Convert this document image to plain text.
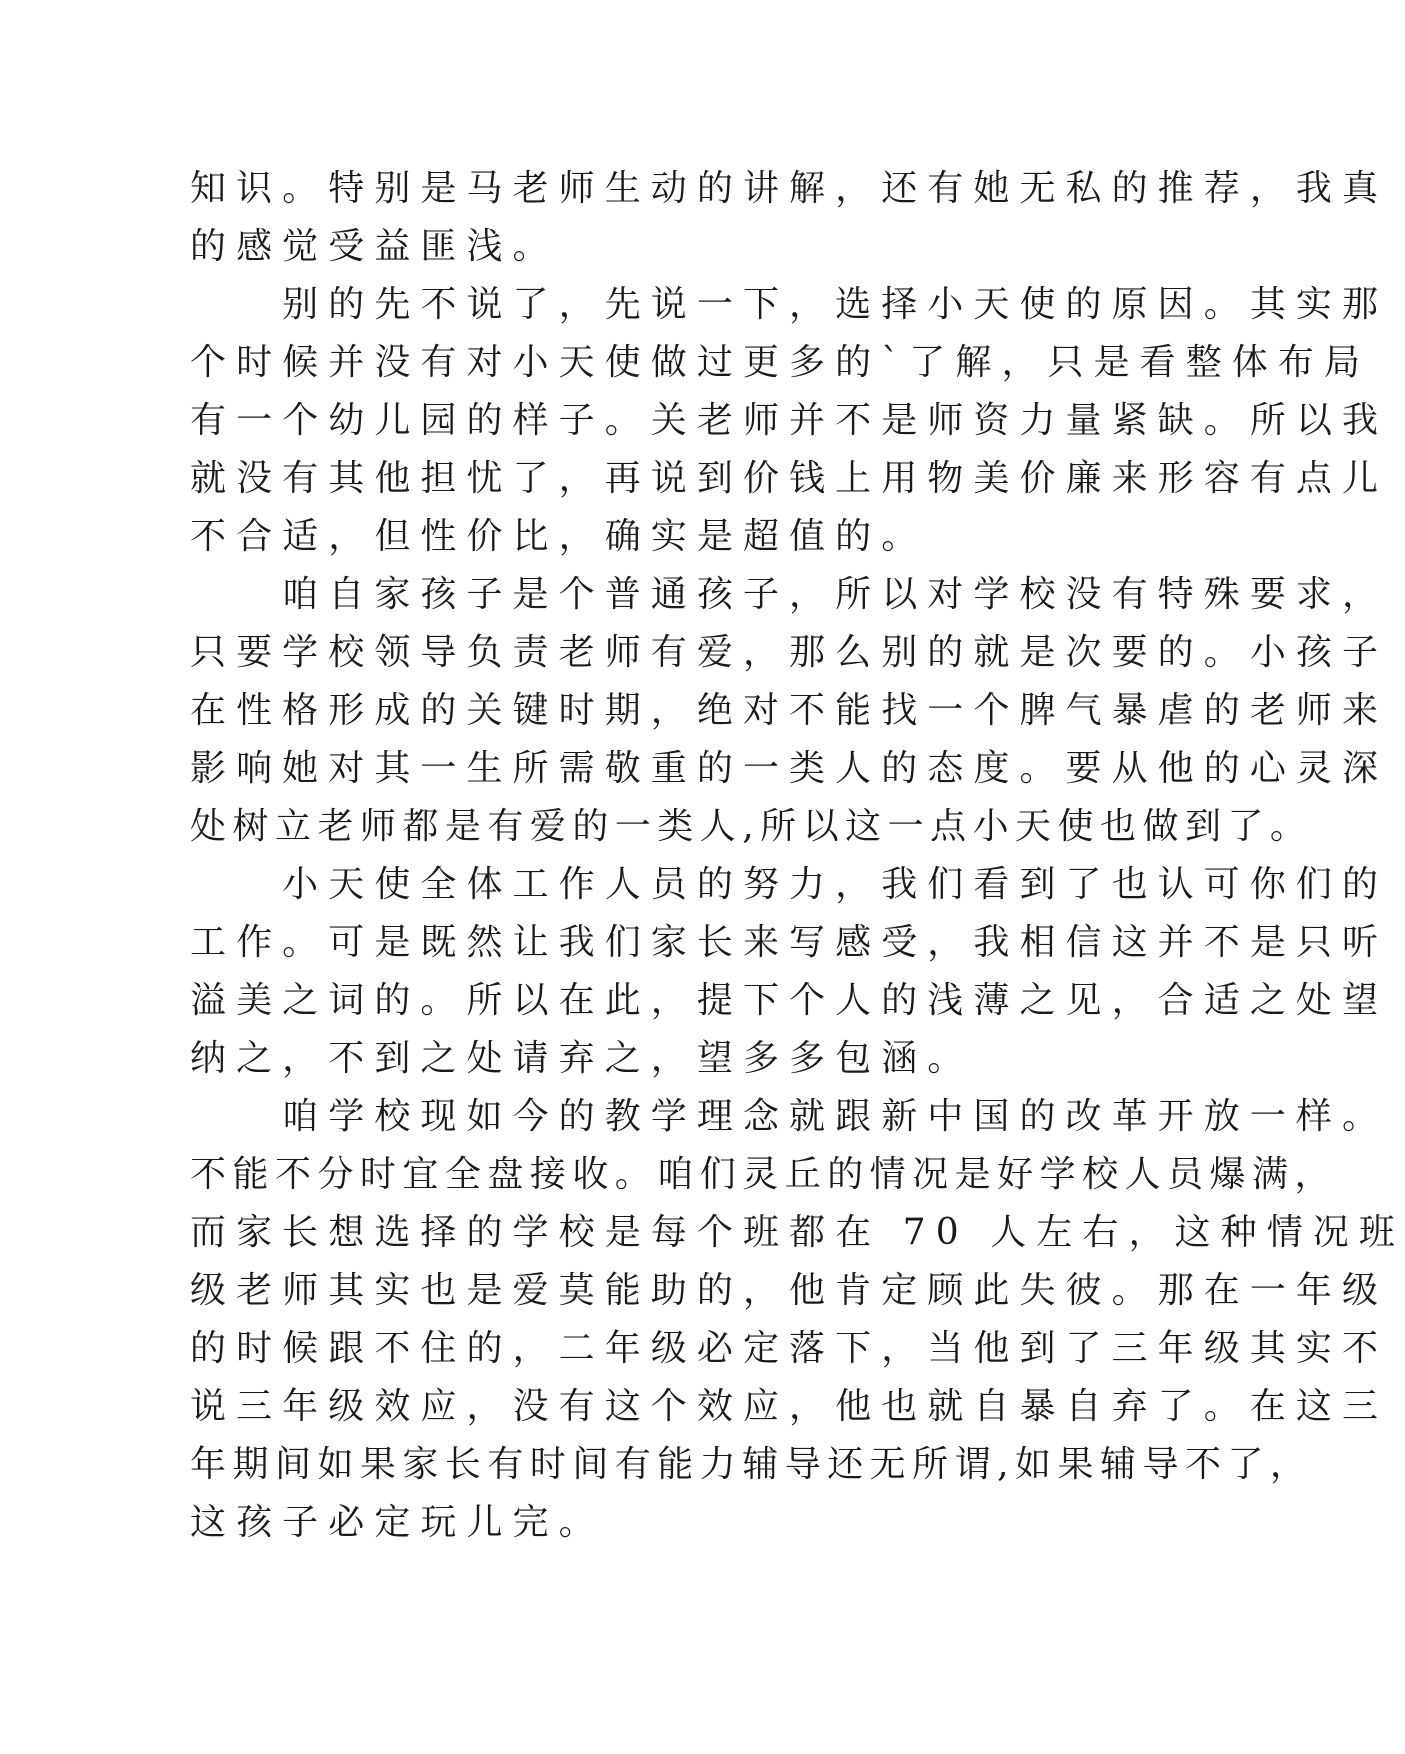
知识。特别是马老师生动的讲解，还有她无私的推荐，我真
的感觉受益匪浅。
　　别的先不说了，先说一下，选择小天使的原因。其实那
个时候并没有对小天使做过更多的`了解，只是看整体布局
有一个幼儿园的样子。关老师并不是师资力量紧缺。所以我
就没有其他担忧了，再说到价钱上用物美价廉来形容有点儿
不合适，但性价比，确实是超值的。
　　咱自家孩子是个普通孩子，所以对学校没有特殊要求，
只要学校领导负责老师有爱，那么别的就是次要的。小孩子
在性格形成的关键时期，绝对不能找一个脾气暴虐的老师来
影响她对其一生所需敬重的一类人的态度。要从他的心灵深
处树立老师都是有爱的一类人,所以这一点小天使也做到了。
　　小天使全体工作人员的努力，我们看到了也认可你们的
工作。可是既然让我们家长来写感受，我相信这并不是只听
溢美之词的。所以在此，提下个人的浅薄之见，合适之处望
纳之，不到之处请弃之，望多多包涵。
　　咱学校现如今的教学理念就跟新中国的改革开放一样。
不能不分时宜全盘接收。咱们灵丘的情况是好学校人员爆满，
而家长想选择的学校是每个班都在 70 人左右，这种情况班
级老师其实也是爱莫能助的，他肯定顾此失彼。那在一年级
的时候跟不住的，二年级必定落下，当他到了三年级其实不
说三年级效应，没有这个效应，他也就自暴自弃了。在这三
年期间如果家长有时间有能力辅导还无所谓,如果辅导不了，
这孩子必定玩儿完。
